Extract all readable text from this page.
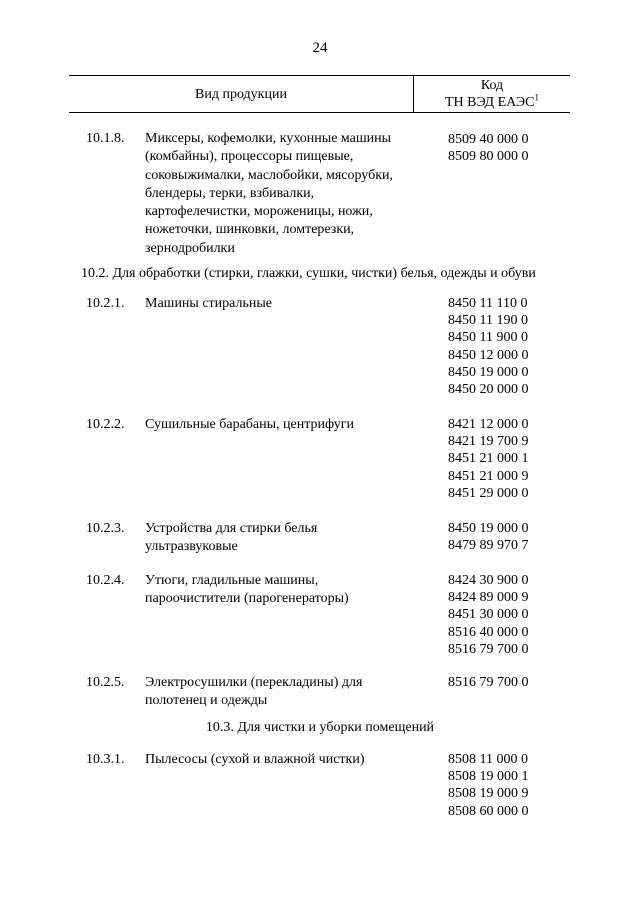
24
Вид продукции
Код
ТН ВЭД ЕАЭС$^1$
10.1.8. Миксеры, кофемолки, кухонные машины (комбайны), процессоры пищевые, соковыжималки, маслобойки, мясорубки, блендеры, терки, взбивалки, картофелечистки, мороженицы, ножи, ножеточки, шинковки, ломтерезки, зернодробилки
8509 40 000 0
8509 80 000 0
10.2. Для обработки (стирки, глажки, сушки, чистки) белья, одежды и обуви
10.2.1. Машины стиральные	8450 11 110 0
8450 11 190 0
8450 11 900 0
8450 12 000 0
8450 19 000 0
8450 20 000 0
10.2.2. Сушильные барабаны, центрифуги	8421 12 000 0
8421 19 700 9
8451 21 000 1
8451 21 000 9
8451 29 000 0
10.2.3. Устройства для стирки белья ультразвуковые
8450 19 000 0
8479 89 970 7
10.2.4. Утюги, гладильные машины, пароочистители (парогенераторы)
8424 30 900 0
8424 89 000 9
8451 30 000 0
8516 40 000 0
8516 79 700 0
10.2.5. Электросушилки (перекладины) для полотенец и одежды
8516 79 700 0
10.3. Для чистки и уборки помещений
10.3.1. Пылесосы (сухой и влажной чистки)	8508 11 000 0
8508 19 000 1
8508 19 000 9
8508 60 000 0
